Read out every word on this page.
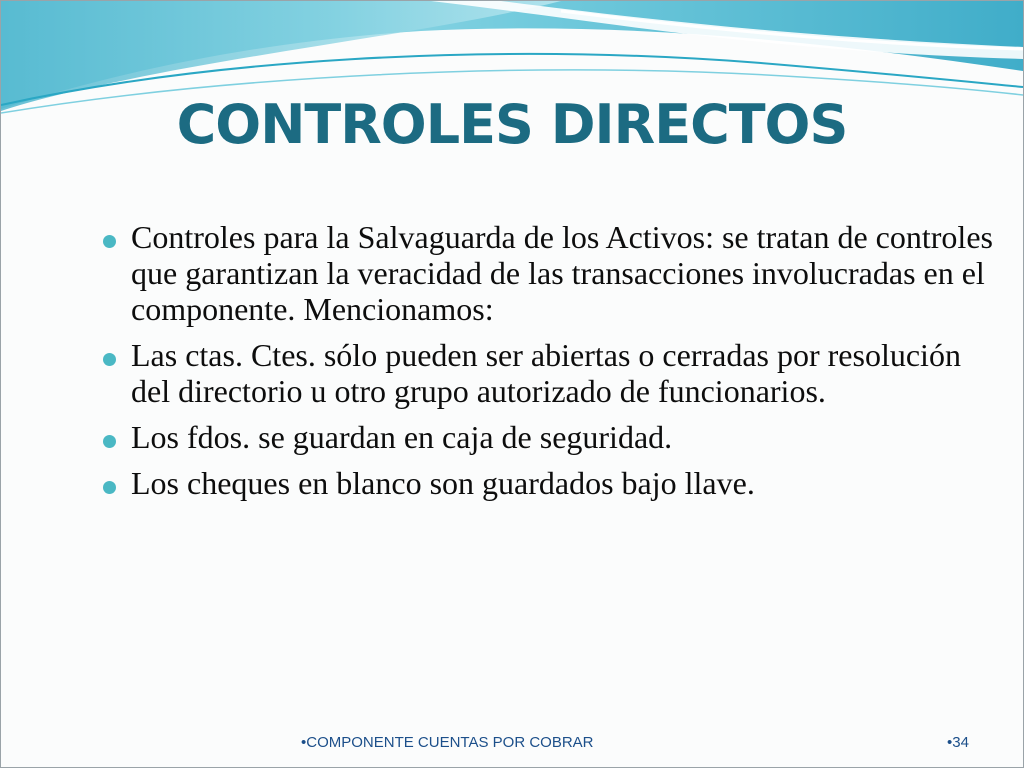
CONTROLES DIRECTOS
Controles para la Salvaguarda de los Activos: se tratan de controles que garantizan la veracidad de las transacciones involucradas en el componente. Mencionamos:
Las ctas. Ctes. sólo pueden ser abiertas o cerradas por resolución del directorio u otro grupo autorizado de funcionarios.
Los fdos. se guardan en caja de seguridad.
Los cheques en blanco son guardados bajo llave.
•COMPONENTE CUENTAS POR COBRAR	•34
